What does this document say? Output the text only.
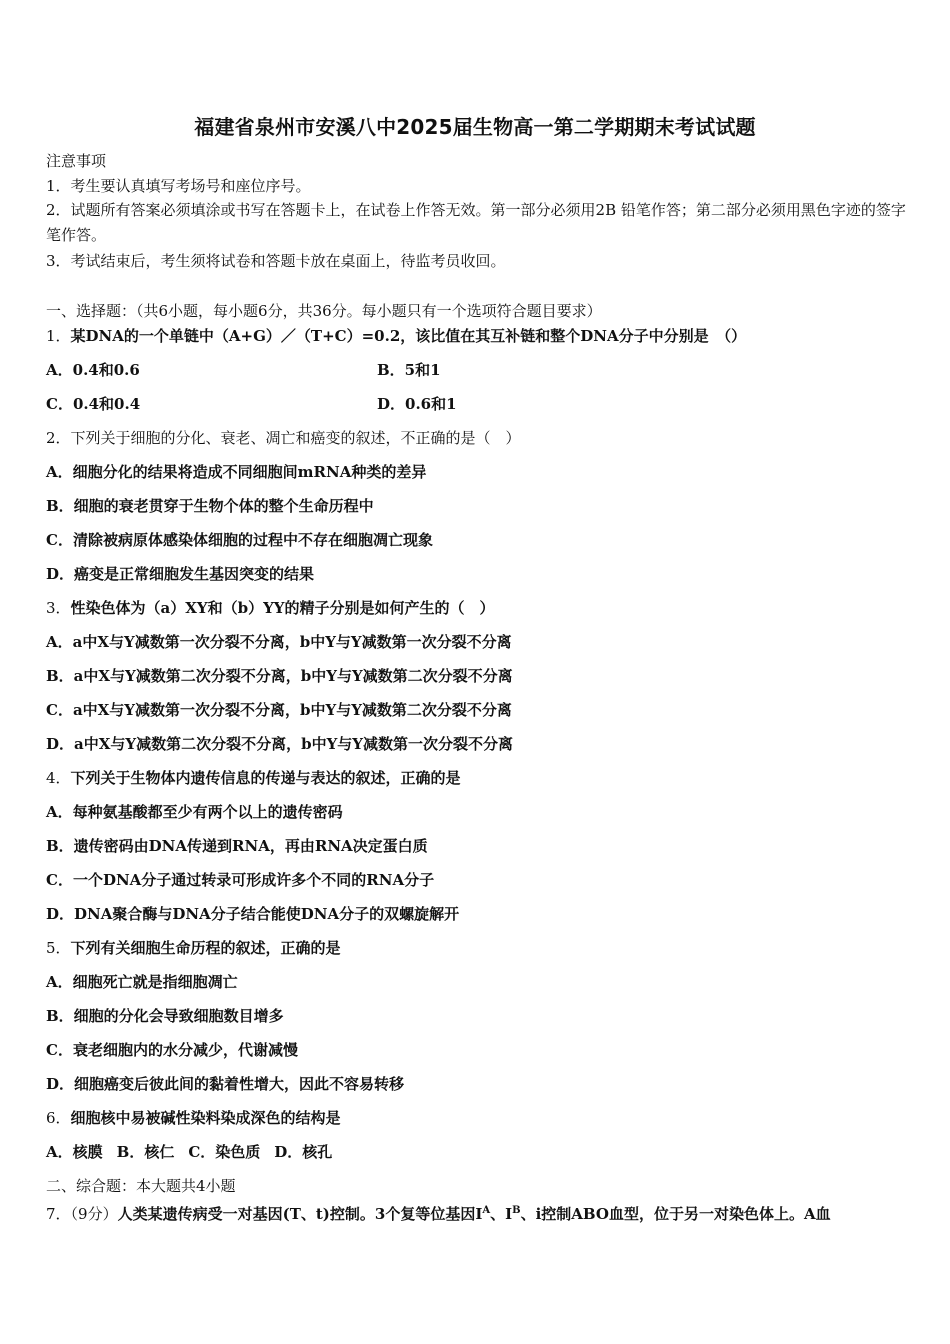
福建省泉州市安溪八中2025届生物高一第二学期期末考试试题
注意事项
1．考生要认真填写考场号和座位序号。
2．试题所有答案必须填涂或书写在答题卡上，在试卷上作答无效。第一部分必须用2B 铅笔作答；第二部分必须用黑色字迹的签字笔作答。
3．考试结束后，考生须将试卷和答题卡放在桌面上，待监考员收回。
一、选择题：（共6小题，每小题6分，共36分。每小题只有一个选项符合题目要求）
1．某DNA的一个单链中（A+G）／（T+C）=0.2，该比值在其互补链和整个DNA分子中分别是　（）
A．0.4和0.6	B．5和1
C．0.4和0.4	D．0.6和1
2．下列关于细胞的分化、衰老、凋亡和癌变的叙述，不正确的是（　）
A．细胞分化的结果将造成不同细胞间mRNA种类的差异
B．细胞的衰老贯穿于生物个体的整个生命历程中
C．清除被病原体感染体细胞的过程中不存在细胞凋亡现象
D．癌变是正常细胞发生基因突变的结果
3．性染色体为（a）XY和（b）YY的精子分别是如何产生的（　）
A．a中X与Y减数第一次分裂不分离，b中Y与Y减数第一次分裂不分离
B．a中X与Y减数第二次分裂不分离，b中Y与Y减数第二次分裂不分离
C．a中X与Y减数第一次分裂不分离，b中Y与Y减数第二次分裂不分离
D．a中X与Y减数第二次分裂不分离，b中Y与Y减数第一次分裂不分离
4．下列关于生物体内遗传信息的传递与表达的叙述，正确的是
A．每种氨基酸都至少有两个以上的遗传密码
B．遗传密码由DNA传递到RNA，再由RNA决定蛋白质
C．一个DNA分子通过转录可形成许多个不同的RNA分子
D．DNA聚合酶与DNA分子结合能使DNA分子的双螺旋解开
5．下列有关细胞生命历程的叙述，正确的是
A．细胞死亡就是指细胞凋亡
B．细胞的分化会导致细胞数目增多
C．衰老细胞内的水分减少，代谢减慢
D．细胞癌变后彼此间的黏着性增大，因此不容易转移
6．细胞核中易被碱性染料染成深色的结构是
A．核膜 B．核仁 C．染色质 D．核孔
二、综合题：本大题共4小题
7．（9分）人类某遗传病受一对基因(T、t)控制。3个复等位基因$I^A$、$I^B$、i控制ABO血型，位于另一对染色体上。A血
